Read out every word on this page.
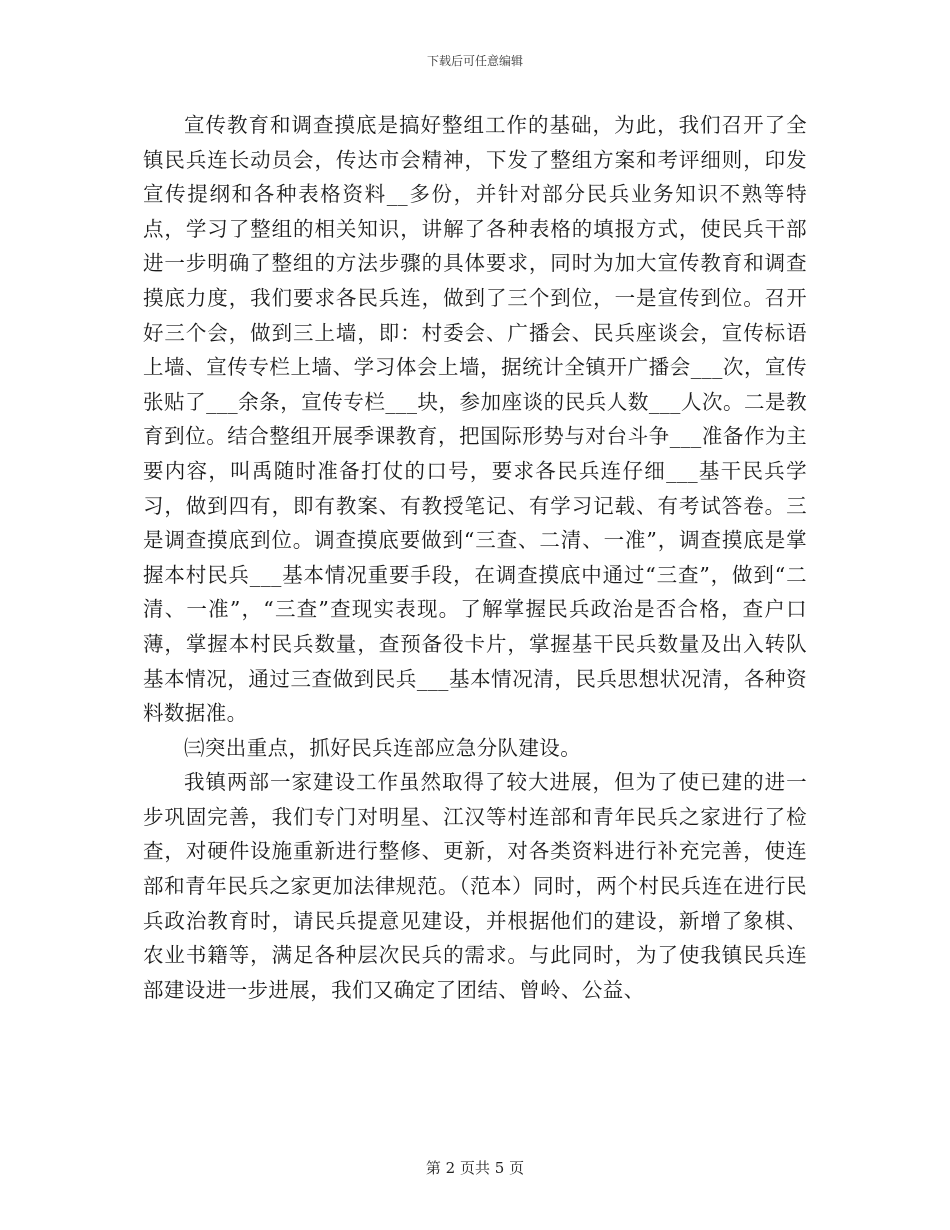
下载后可任意编辑

宣传教育和调查摸底是搞好整组工作的基础，为此，我们召开了全镇民兵连长动员会，传达市会精神，下发了整组方案和考评细则，印发宣传提纲和各种表格资料__多份，并针对部分民兵业务知识不熟等特点，学习了整组的相关知识，讲解了各种表格的填报方式，使民兵干部进一步明确了整组的方法步骤的具体要求，同时为加大宣传教育和调查摸底力度，我们要求各民兵连，做到了三个到位，一是宣传到位。召开好三个会，做到三上墙，即：村委会、广播会、民兵座谈会，宣传标语上墙、宣传专栏上墙、学习体会上墙，据统计全镇开广播会___次，宣传张贴了___余条，宣传专栏___块，参加座谈的民兵人数___人次。二是教育到位。结合整组开展季课教育，把国际形势与对台斗争___准备作为主要内容，叫禹随时准备打仗的口号，要求各民兵连仔细___基干民兵学习，做到四有，即有教案、有教授笔记、有学习记载、有考试答卷。三是调查摸底到位。调查摸底要做到“三查、二清、一准”，调查摸底是掌握本村民兵___基本情况重要手段，在调查摸底中通过“三查”，做到“二清、一准”，“三查”查现实表现。了解掌握民兵政治是否合格，查户口薄，掌握本村民兵数量，查预备役卡片，掌握基干民兵数量及出入转队基本情况，通过三查做到民兵___基本情况清，民兵思想状况清，各种资料数据准。

㈢突出重点，抓好民兵连部应急分队建设。

我镇两部一家建设工作虽然取得了较大进展，但为了使已建的进一步巩固完善，我们专门对明星、江汉等村连部和青年民兵之家进行了检查，对硬件设施重新进行整修、更新，对各类资料进行补充完善，使连部和青年民兵之家更加法律规范。（范本）同时，两个村民兵连在进行民兵政治教育时，请民兵提意见建设，并根据他们的建设，新增了象棋、农业书籍等，满足各种层次民兵的需求。与此同时，为了使我镇民兵连部建设进一步进展，我们又确定了团结、曾岭、公益、

第 2 页共 5 页
